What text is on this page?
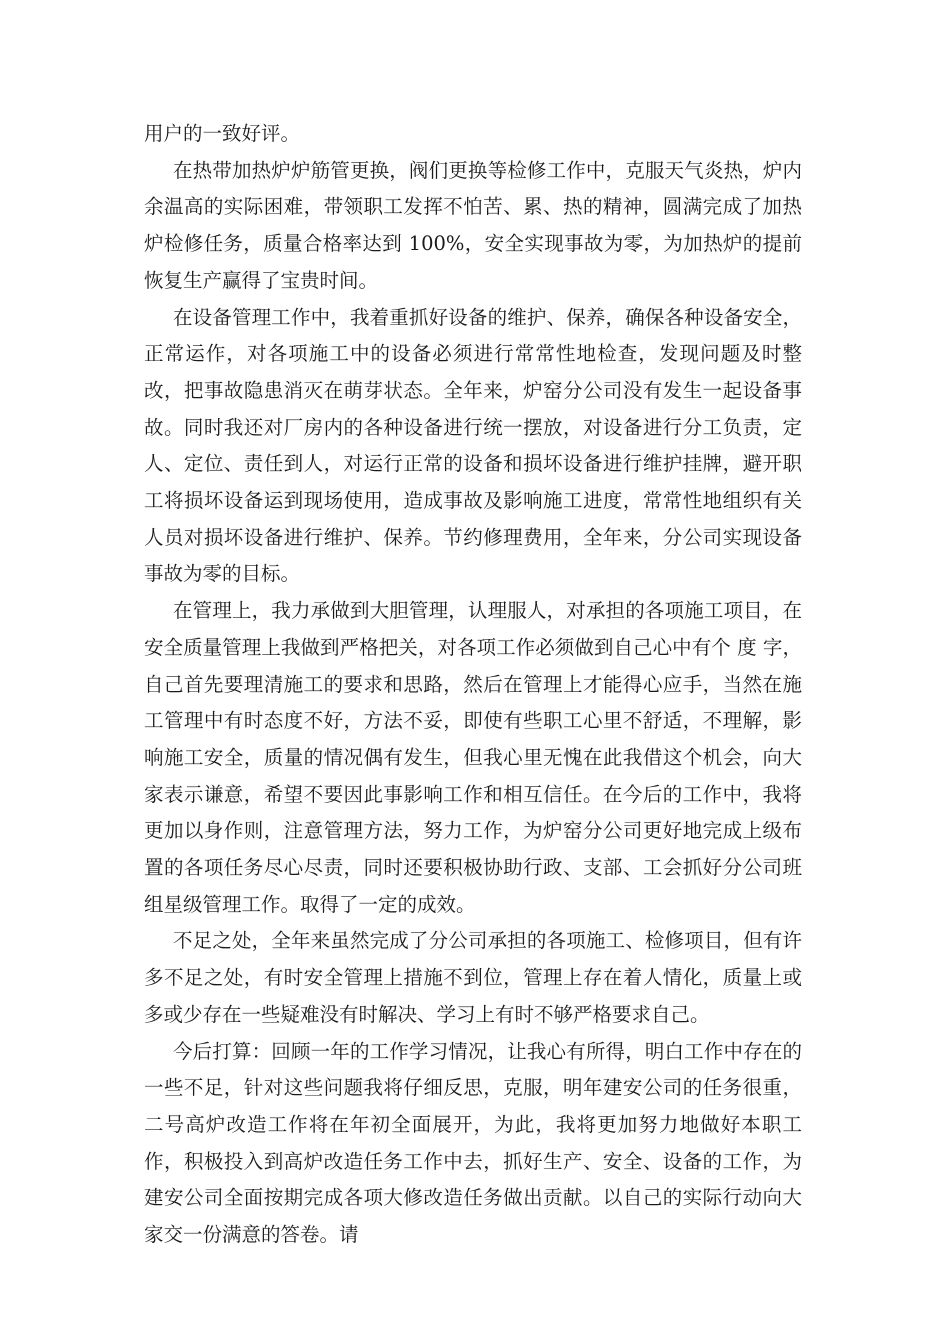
用户的一致好评。

在热带加热炉炉筋管更换，阀们更换等检修工作中，克服天气炎热，炉内余温高的实际困难，带领职工发挥不怕苦、累、热的精神，圆满完成了加热炉检修任务，质量合格率达到 100%，安全实现事故为零，为加热炉的提前恢复生产赢得了宝贵时间。

在设备管理工作中，我着重抓好设备的维护、保养，确保各种设备安全，正常运作，对各项施工中的设备必须进行常常性地检查，发现问题及时整改，把事故隐患消灭在萌芽状态。全年来，炉窑分公司没有发生一起设备事故。同时我还对厂房内的各种设备进行统一摆放，对设备进行分工负责，定人、定位、责任到人，对运行正常的设备和损坏设备进行维护挂牌，避开职工将损坏设备运到现场使用，造成事故及影响施工进度，常常性地组织有关人员对损坏设备进行维护、保养。节约修理费用，全年来，分公司实现设备事故为零的目标。

在管理上，我力承做到大胆管理，认理服人，对承担的各项施工项目，在安全质量管理上我做到严格把关，对各项工作必须做到自己心中有个 度 字，自己首先要理清施工的要求和思路，然后在管理上才能得心应手，当然在施工管理中有时态度不好，方法不妥，即使有些职工心里不舒适，不理解，影响施工安全，质量的情况偶有发生，但我心里无愧在此我借这个机会，向大家表示谦意，希望不要因此事影响工作和相互信任。在今后的工作中，我将更加以身作则，注意管理方法，努力工作，为炉窑分公司更好地完成上级布置的各项任务尽心尽责，同时还要积极协助行政、支部、工会抓好分公司班组星级管理工作。取得了一定的成效。

不足之处，全年来虽然完成了分公司承担的各项施工、检修项目，但有许多不足之处，有时安全管理上措施不到位，管理上存在着人情化，质量上或多或少存在一些疑难没有时解决、学习上有时不够严格要求自己。

今后打算：回顾一年的工作学习情况，让我心有所得，明白工作中存在的一些不足，针对这些问题我将仔细反思，克服，明年建安公司的任务很重，二号高炉改造工作将在年初全面展开，为此，我将更加努力地做好本职工作，积极投入到高炉改造任务工作中去，抓好生产、安全、设备的工作，为建安公司全面按期完成各项大修改造任务做出贡献。以自己的实际行动向大家交一份满意的答卷。请
